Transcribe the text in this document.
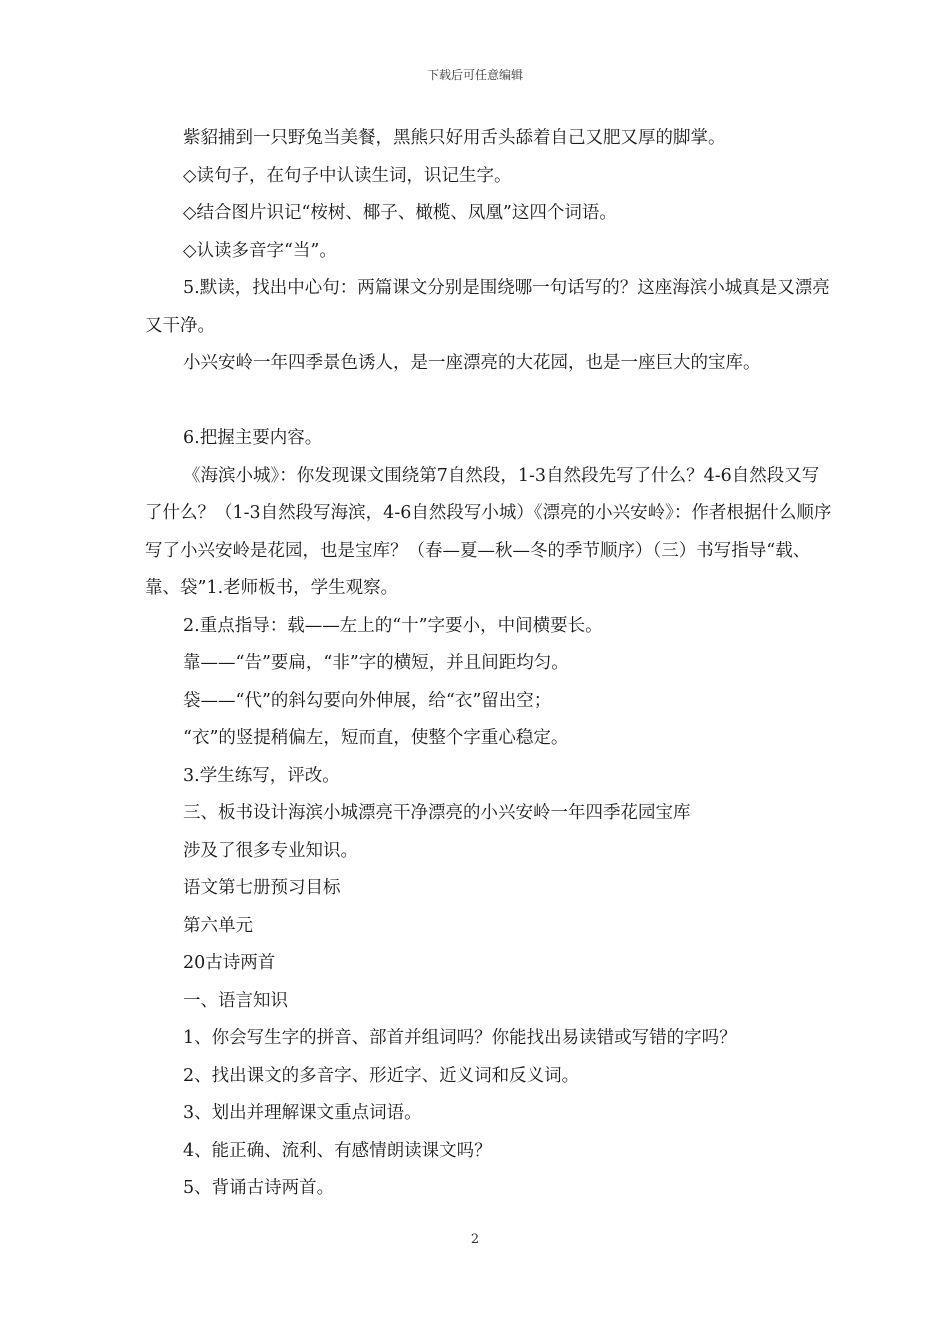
下载后可任意编辑

紫貂捕到一只野兔当美餐，黑熊只好用舌头舔着自己又肥又厚的脚掌。

◇读句子，在句子中认读生词，识记生字。

◇结合图片识记“桉树、椰子、橄榄、凤凰”这四个词语。

◇认读多音字“当”。

5.默读，找出中心句：两篇课文分别是围绕哪一句话写的？这座海滨小城真是又漂亮又干净。

小兴安岭一年四季景色诱人，是一座漂亮的大花园，也是一座巨大的宝库。

6.把握主要内容。

《海滨小城》：你发现课文围绕第7自然段，1-3自然段先写了什么？4-6自然段又写了什么？（1-3自然段写海滨，4-6自然段写小城）《漂亮的小兴安岭》：作者根据什么顺序写了小兴安岭是花园，也是宝库？（春—夏—秋—冬的季节顺序）（三）书写指导“载、靠、袋”1.老师板书，学生观察。

2.重点指导：载——左上的“十”字要小，中间横要长。

靠——“告”要扁，“非”字的横短，并且间距均匀。

袋——“代”的斜勾要向外伸展，给“衣”留出空；

“衣”的竖提稍偏左，短而直，使整个字重心稳定。

3.学生练写，评改。

三、板书设计海滨小城漂亮干净漂亮的小兴安岭一年四季花园宝库

涉及了很多专业知识。

语文第七册预习目标

第六单元

20古诗两首

一、语言知识

1、你会写生字的拼音、部首并组词吗？你能找出易读错或写错的字吗？

2、找出课文的多音字、形近字、近义词和反义词。

3、划出并理解课文重点词语。

4、能正确、流利、有感情朗读课文吗？

5、背诵古诗两首。

2
